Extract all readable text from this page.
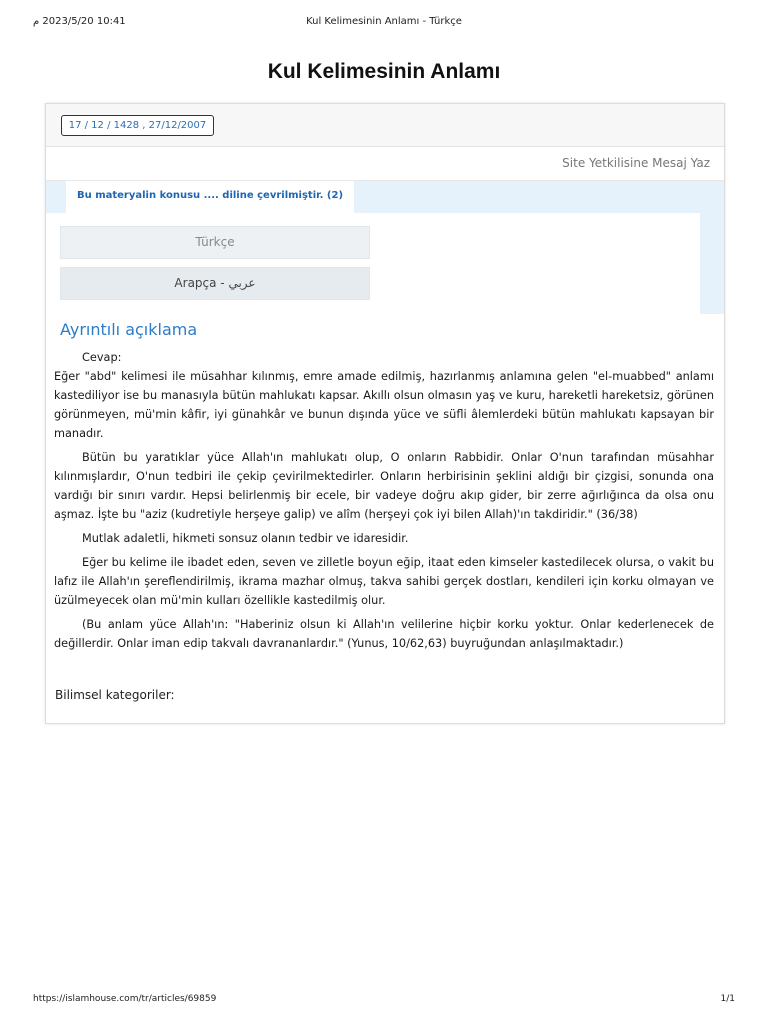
Kul Kelimesinin Anlamı - Türkçe
10:41 2023/5/20 م
Kul Kelimesinin Anlamı
17 / 12 / 1428 , 27/12/2007
Site Yetkilisine Mesaj Yaz
Bu materyalin konusu .... diline çevrilmiştir. (2)
Türkçe
Arapça - عربي
Ayrıntılı açıklama

Cevap:

Eğer "abd" kelimesi ile müsahhar kılınmış, emre amade edilmiş, hazırlanmış anlamına gelen "el-muabbed" anlamı kastediliyor ise bu manasıyla bütün mahlukatı kapsar. Akıllı olsun olmasın yaş ve kuru, hareketli hareketsiz, görünen görünmeyen, mü'min kâfir, iyi günahkâr ve bunun dışında yüce ve süfli âlemlerdeki bütün mahlukatı kapsayan bir manadır.

Bütün bu yaratıklar yüce Allah'ın mahlukatı olup, O onların Rabbidir. Onlar O'nun tarafından müsahhar kılınmışlardır, O'nun tedbiri ile çekip çevirilmektedirler. Onların herbirisinin şeklini aldığı bir çizgisi, sonunda ona vardığı bir sınırı vardır. Hepsi belirlenmiş bir ecele, bir vadeye doğru akıp gider, bir zerre ağırlığınca da olsa onu aşmaz. İşte bu "aziz (kudretiyle herşeye galip) ve alîm (herşeyi çok iyi bilen Allah)'ın takdiridir." (36/38)

Mutlak adaletli, hikmeti sonsuz olanın tedbir ve idaresidir.

Eğer bu kelime ile ibadet eden, seven ve zilletle boyun eğip, itaat eden kimseler kastedilecek olursa, o vakit bu lafız ile Allah'ın şereflendirilmiş, ikrama mazhar olmuş, takva sahibi gerçek dostları, kendileri için korku olmayan ve üzülmeyecek olan mü'min kulları özellikle kastedilmiş olur.

(Bu anlam yüce Allah'ın: "Haberiniz olsun ki Allah'ın velilerine hiçbir korku yoktur. Onlar kederlenecek de değillerdir. Onlar iman edip takvalı davrananlardır." (Yunus, 10/62,63) buyruğundan anlaşılmaktadır.)

Bilimsel kategoriler:
https://islamhouse.com/tr/articles/69859	1/1
